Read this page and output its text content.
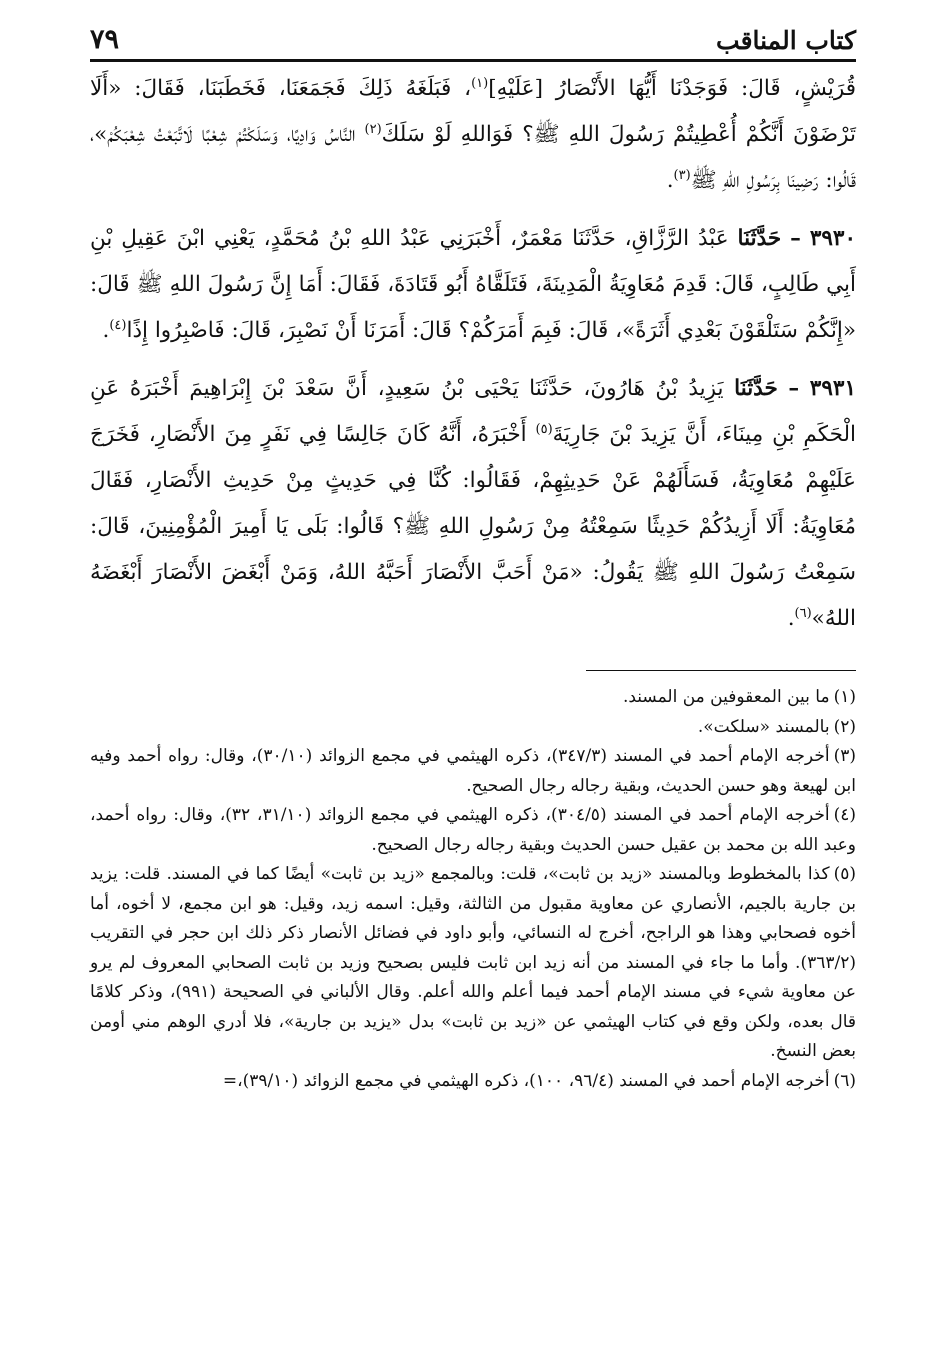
كتاب المناقب
٧٩

قُرَيْشٍ، قَالَ: فَوَجَدْنَا أَيُّهَا الأَنْصَارُ [عَلَيْهِ]$^{(١)}$، فَبَلَغَهُ ذَلِكَ فَجَمَعَنَا، فَخَطَبَنَا، فَقَالَ: «أَلَا تَرْضَوْنَ أَنَّكُمْ أُعْطِيتُمْ رَسُولَ اللهِ ﷺ؟ فَوَاللهِ لَوْ سَلَكَ$^{(٢)}$ النَّاسُ وَادِيًا، وَسَلَكْتُمْ شِعْبًا لَاتَّبَعْتُ شِعْبَكُمْ»، قَالُوا: رَضِينَا بِرَسُولِ اللهِ ﷺ$^{(٣)}$.

٣٩٣٠ – حَدَّثَنَا عَبْدُ الرَّزَّاقِ، حَدَّثَنَا مَعْمَرٌ، أَخْبَرَنِي عَبْدُ اللهِ بْنُ مُحَمَّدٍ، يَعْنِي ابْنَ عَقِيلِ بْنِ أَبِي طَالِبٍ، قَالَ: قَدِمَ مُعَاوِيَةُ الْمَدِينَةَ، فَتَلَقَّاهُ أَبُو قَتَادَةَ، فَقَالَ: أَمَا إِنَّ رَسُولَ اللهِ ﷺ قَالَ: «إِنَّكُمْ سَتَلْقَوْنَ بَعْدِي أَثَرَةً»، قَالَ: فَبِمَ أَمَرَكُمْ؟ قَالَ: أَمَرَنَا أَنْ نَصْبِرَ، قَالَ: فَاصْبِرُوا إِذًا$^{(٤)}$.

٣٩٣١ – حَدَّثَنَا يَزِيدُ بْنُ هَارُونَ، حَدَّثَنَا يَحْيَى بْنُ سَعِيدٍ، أَنَّ سَعْدَ بْنَ إِبْرَاهِيمَ أَخْبَرَهُ عَنِ الْحَكَمِ بْنِ مِينَاءَ، أَنَّ يَزِيدَ بْنَ جَارِيَةَ$^{(٥)}$ أَخْبَرَهُ، أَنَّهُ كَانَ جَالِسًا فِي نَفَرٍ مِنَ الأَنْصَارِ، فَخَرَجَ عَلَيْهِمْ مُعَاوِيَةُ، فَسَأَلَهُمْ عَنْ حَدِيثِهِمْ، فَقَالُوا: كُنَّا فِي حَدِيثٍ مِنْ حَدِيثِ الأَنْصَارِ، فَقَالَ مُعَاوِيَةُ: أَلَا أَزِيدُكُمْ حَدِيثًا سَمِعْتُهُ مِنْ رَسُولِ اللهِ ﷺ؟ قَالُوا: بَلَى يَا أَمِيرَ الْمُؤْمِنِينَ، قَالَ: سَمِعْتُ رَسُولَ اللهِ ﷺ يَقُولُ: «مَنْ أَحَبَّ الأَنْصَارَ أَحَبَّهُ اللهُ، وَمَنْ أَبْغَضَ الأَنْصَارَ أَبْغَضَهُ اللهُ»$^{(٦)}$.

(١)ما بين المعقوفين من المسند.

(٢)بالمسند «سلكت».

(٣)أخرجه الإمام أحمد في المسند (٣٤٧/٣)، ذكره الهيثمي في مجمع الزوائد (٣٠/١٠)، وقال: رواه أحمد وفيه ابن لهيعة وهو حسن الحديث، وبقية رجاله رجال الصحيح.

(٤)أخرجه الإمام أحمد في المسند (٣٠٤/٥)، ذكره الهيثمي في مجمع الزوائد (٣١/١٠، ٣٢)، وقال: رواه أحمد، وعبد الله بن محمد بن عقيل حسن الحديث وبقية رجاله رجال الصحيح.

(٥)كذا بالمخطوط وبالمسند «زيد بن ثابت»، قلت: وبالمجمع «زيد بن ثابت» أيضًا كما في المسند. قلت: يزيد بن جارية بالجيم، الأنصاري عن معاوية مقبول من الثالثة، وقيل: اسمه زيد، وقيل: هو ابن مجمع، لا أخوه، أما أخوه فصحابي وهذا هو الراجح، أخرج له النسائي، وأبو داود في فضائل الأنصار ذكر ذلك ابن حجر في التقريب (٣٦٣/٢). وأما ما جاء في المسند من أنه زيد ابن ثابت فليس بصحيح وزيد بن ثابت الصحابي المعروف لم يرو عن معاوية شيء في مسند الإمام أحمد فيما أعلم والله أعلم. وقال الألباني في الصحيحة (٩٩١)، وذكر كلامًا قال بعده، ولكن وقع في كتاب الهيثمي عن «زيد بن ثابت» بدل «يزيد بن جارية»، فلا أدري الوهم مني أومن بعض النسخ.

(٦)أخرجه الإمام أحمد في المسند (٩٦/٤، ١٠٠)، ذكره الهيثمي في مجمع الزوائد (٣٩/١٠)،=
